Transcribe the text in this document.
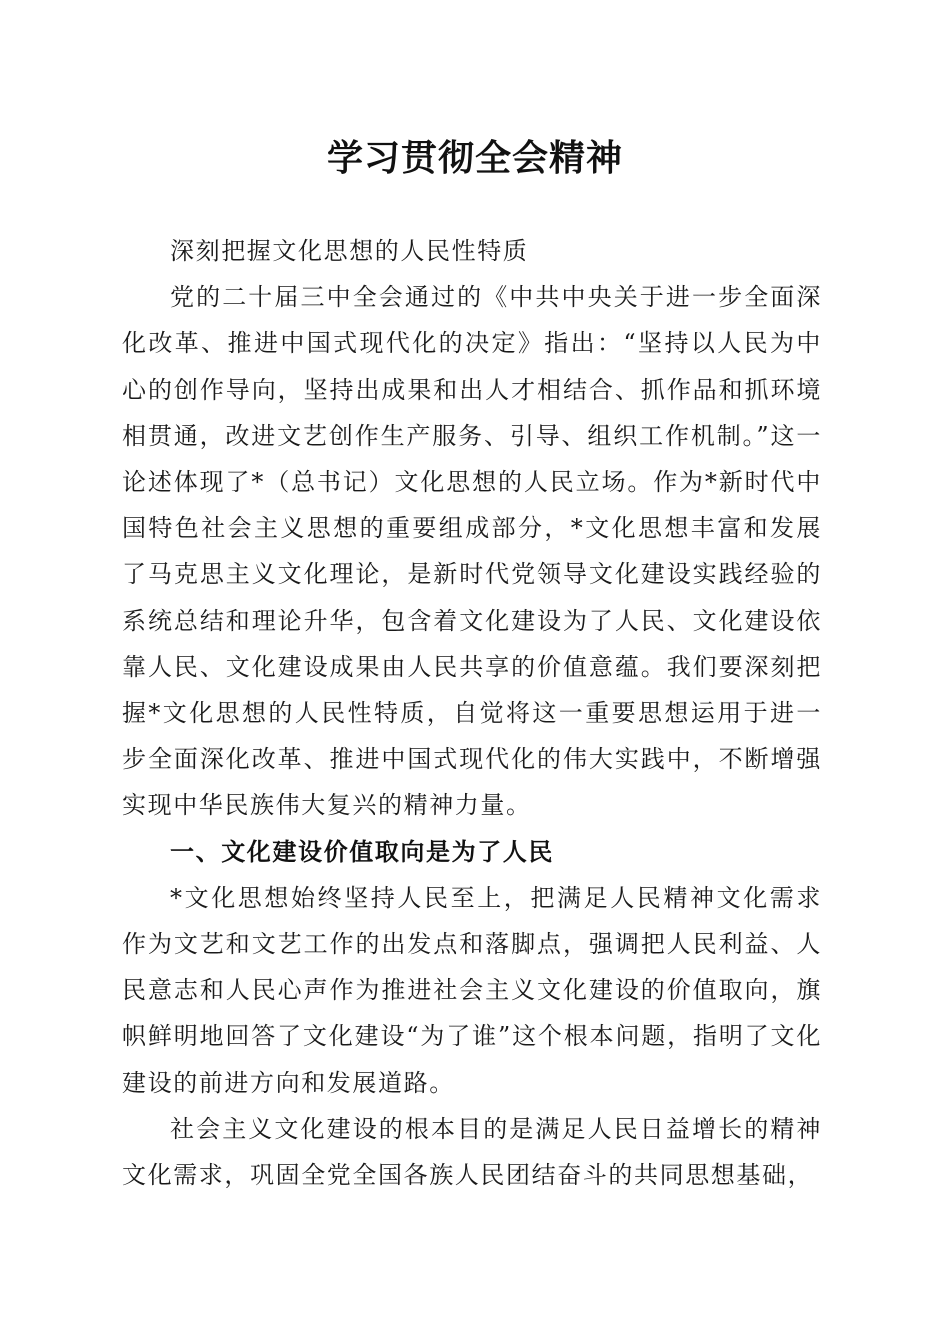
学习贯彻全会精神

深刻把握文化思想的人民性特质

党的二十届三中全会通过的《中共中央关于进一步全面深化改革、推进中国式现代化的决定》指出：“坚持以人民为中心的创作导向，坚持出成果和出人才相结合、抓作品和抓环境相贯通，改进文艺创作生产服务、引导、组织工作机制。”这一论述体现了*（总书记）文化思想的人民立场。作为*新时代中国特色社会主义思想的重要组成部分，*文化思想丰富和发展了马克思主义文化理论，是新时代党领导文化建设实践经验的系统总结和理论升华，包含着文化建设为了人民、文化建设依靠人民、文化建设成果由人民共享的价值意蕴。我们要深刻把握*文化思想的人民性特质，自觉将这一重要思想运用于进一步全面深化改革、推进中国式现代化的伟大实践中，不断增强实现中华民族伟大复兴的精神力量。

一、文化建设价值取向是为了人民

*文化思想始终坚持人民至上，把满足人民精神文化需求作为文艺和文艺工作的出发点和落脚点，强调把人民利益、人民意志和人民心声作为推进社会主义文化建设的价值取向，旗帜鲜明地回答了文化建设“为了谁”这个根本问题，指明了文化建设的前进方向和发展道路。

社会主义文化建设的根本目的是满足人民日益增长的精神文化需求，巩固全党全国各族人民团结奋斗的共同思想基础，
